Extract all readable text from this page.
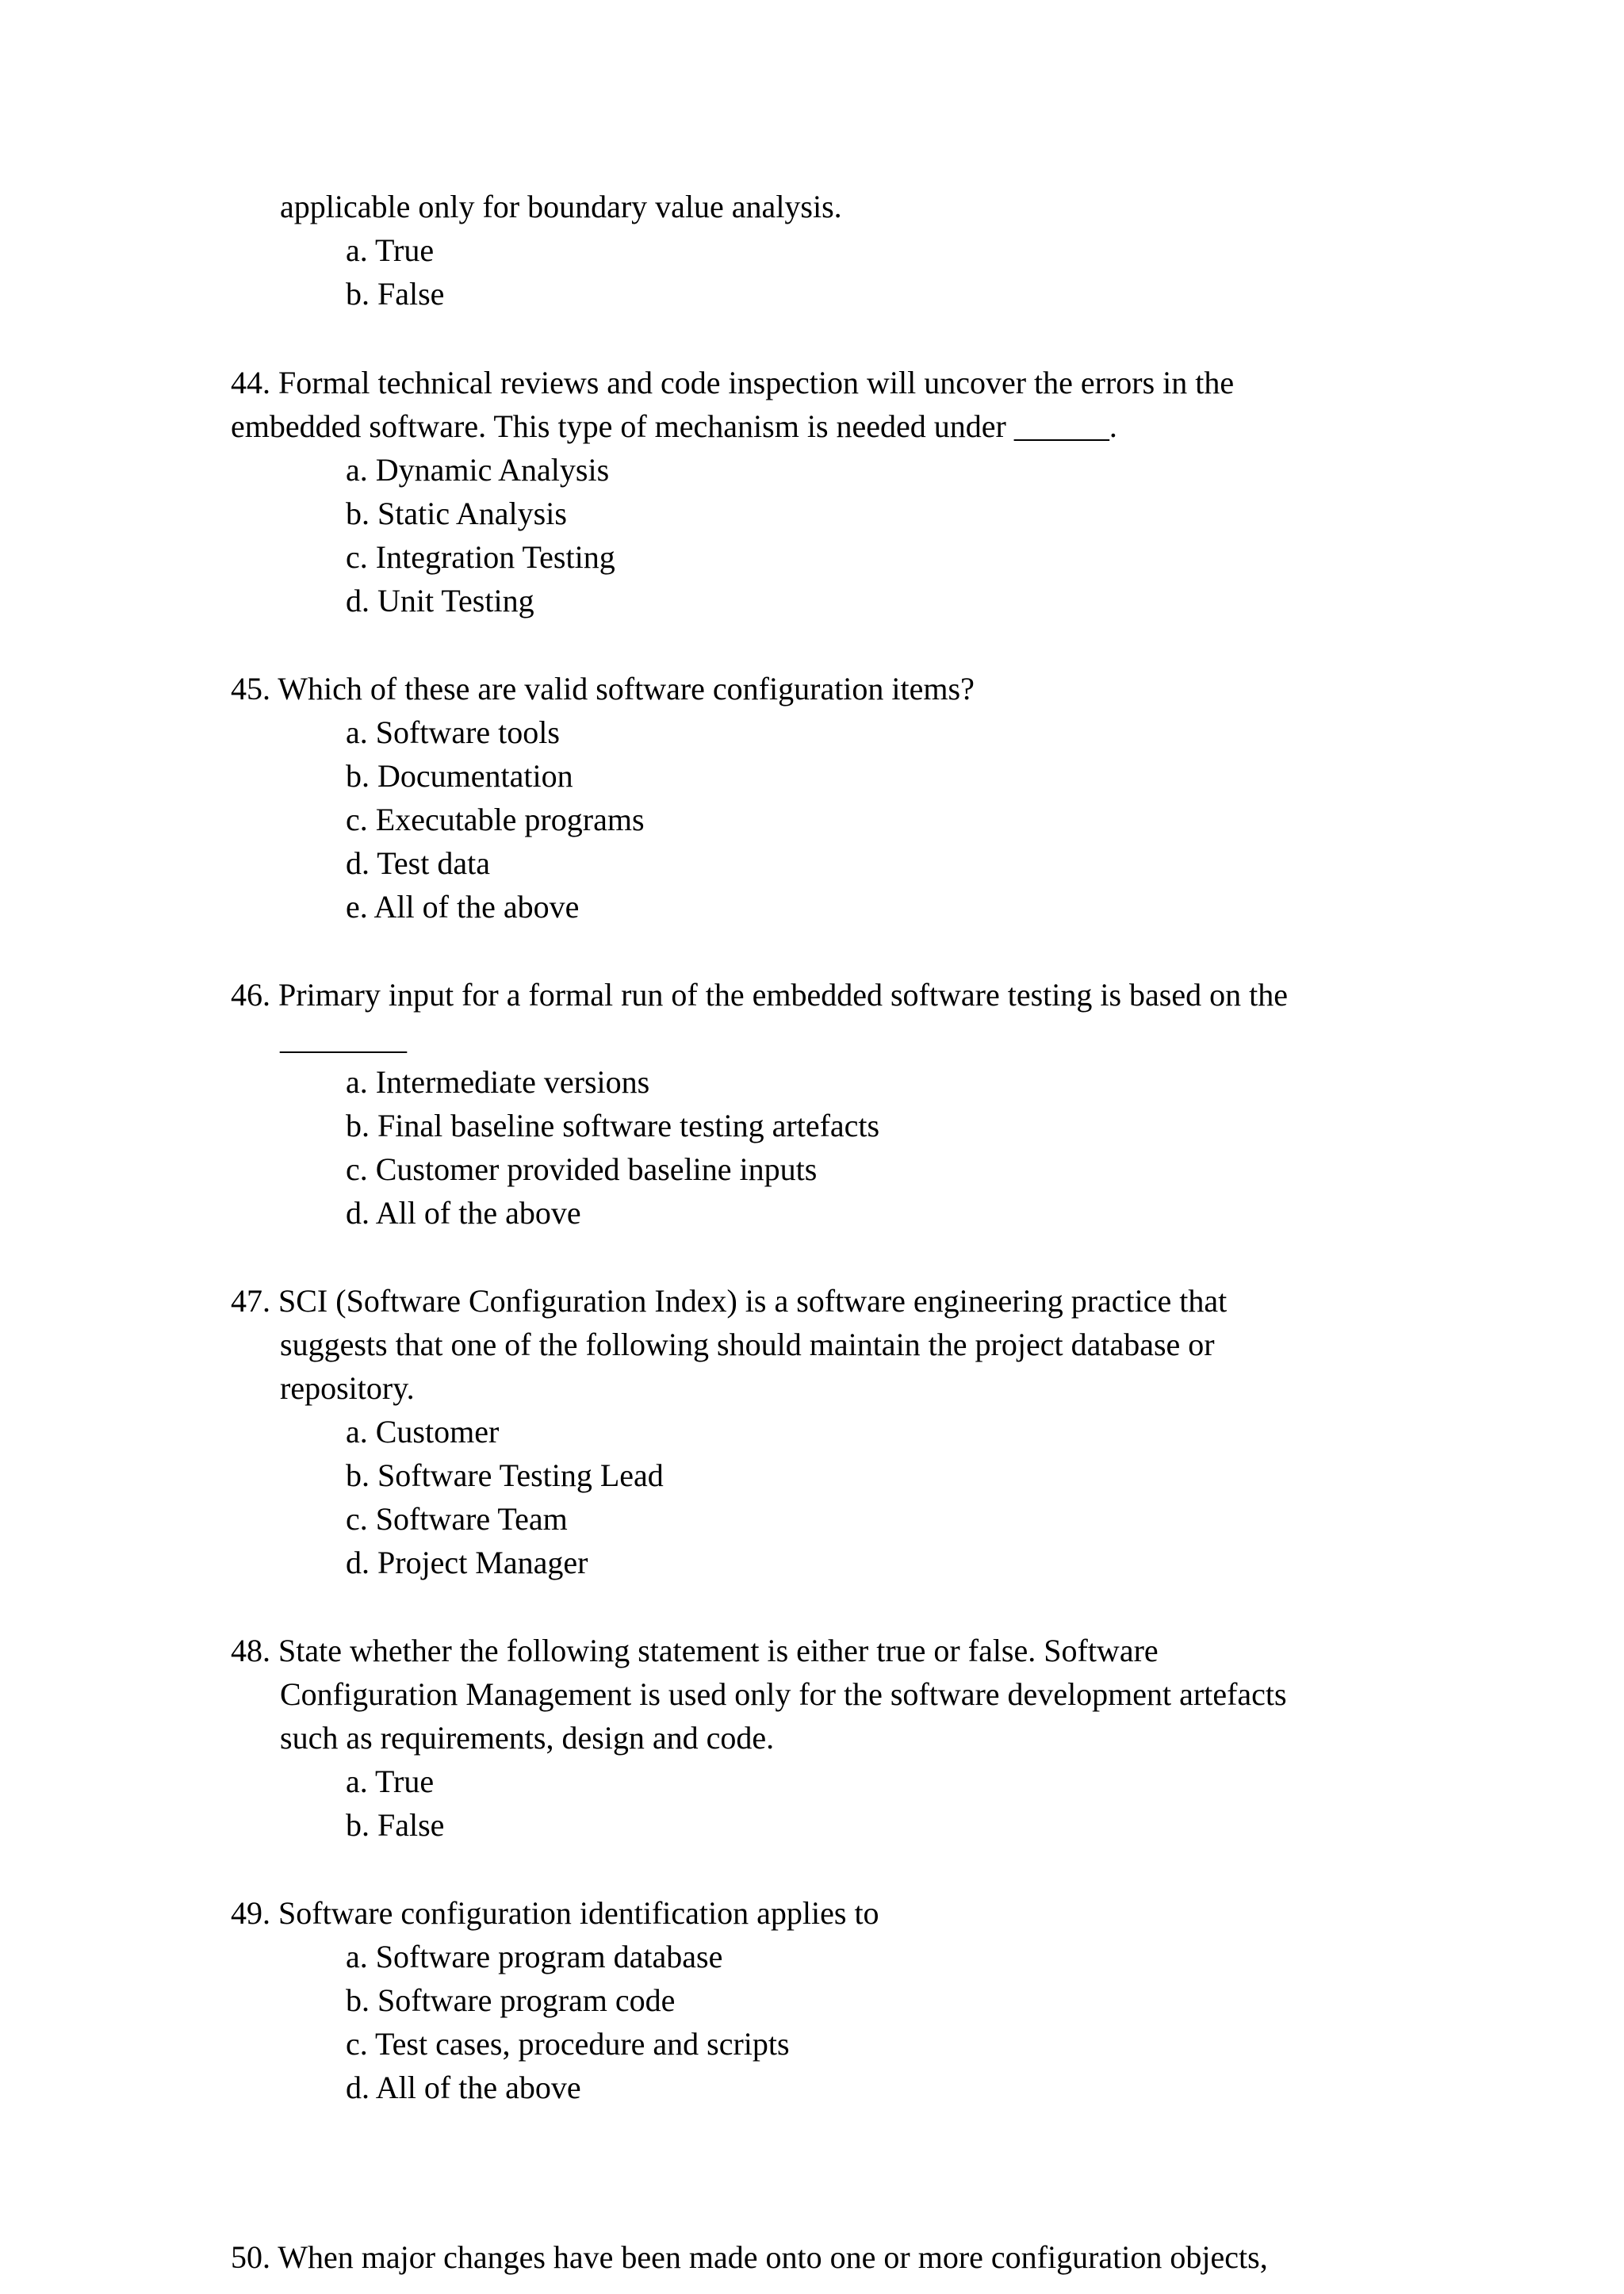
applicable only for boundary value analysis.
a. True
b. False
44. Formal technical reviews and code inspection will uncover the errors in the
embedded software. This type of mechanism is needed under ______.
a. Dynamic Analysis
b. Static Analysis
c. Integration Testing
d. Unit Testing
45. Which of these are valid software configuration items?
a. Software tools
b. Documentation
c. Executable programs
d. Test data
e. All of the above
46. Primary input for a formal run of the embedded software testing is based on the
________
a. Intermediate versions
b. Final baseline software testing artefacts
c. Customer provided baseline inputs
d. All of the above
47. SCI (Software Configuration Index) is a software engineering practice that
suggests that one of the following should maintain the project database or
repository.
a. Customer
b. Software Testing Lead
c. Software Team
d. Project Manager
48. State whether the following statement is either true or false. Software
Configuration Management is used only for the software development artefacts
such as requirements, design and code.
a. True
b. False
49. Software configuration identification applies to
a. Software program database
b. Software program code
c. Test cases, procedure and scripts
d. All of the above
50. When major changes have been made onto one or more configuration objects,
